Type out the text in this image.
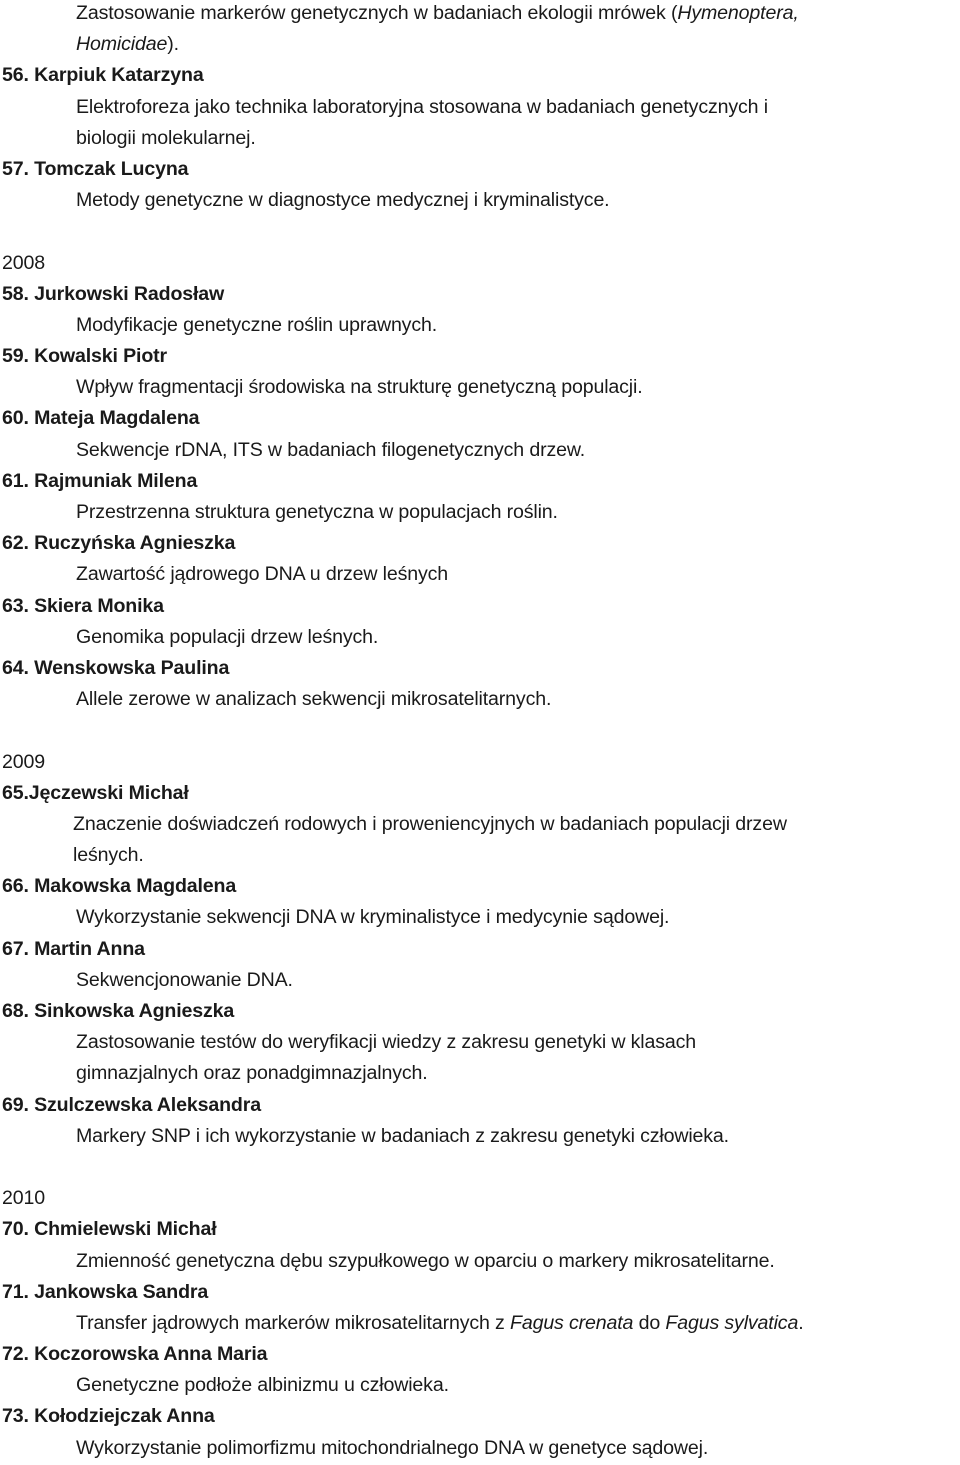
Zastosowanie markerów genetycznych w badaniach ekologii mrówek (Hymenoptera,
Homicidae).
56. Karpiuk Katarzyna
Elektroforeza jako technika laboratoryjna stosowana w badaniach genetycznych i
biologii molekularnej.
57. Tomczak Lucyna
Metody genetyczne w diagnostyce medycznej i kryminalistyce.
2008
58. Jurkowski Radosław
Modyfikacje genetyczne roślin uprawnych.
59. Kowalski Piotr
Wpływ fragmentacji środowiska na strukturę genetyczną populacji.
60. Mateja Magdalena
Sekwencje rDNA, ITS w badaniach filogenetycznych drzew.
61. Rajmuniak Milena
Przestrzenna struktura genetyczna w populacjach roślin.
62. Ruczyńska Agnieszka
Zawartość jądrowego DNA u drzew leśnych
63. Skiera Monika
Genomika populacji drzew leśnych.
64. Wenskowska Paulina
Allele zerowe w analizach sekwencji mikrosatelitarnych.
2009
65.Jęczewski Michał
Znaczenie doświadczeń rodowych i proweniencyjnych w badaniach populacji drzew
leśnych.
66. Makowska Magdalena
Wykorzystanie sekwencji DNA w kryminalistyce i medycynie sądowej.
67. Martin Anna
Sekwencjonowanie DNA.
68. Sinkowska Agnieszka
Zastosowanie testów do weryfikacji wiedzy z zakresu genetyki w klasach
gimnazjalnych oraz ponadgimnazjalnych.
69. Szulczewska Aleksandra
Markery SNP i ich wykorzystanie w badaniach z zakresu genetyki człowieka.
2010
70. Chmielewski Michał
Zmienność genetyczna dębu szypułkowego w oparciu o markery mikrosatelitarne.
71. Jankowska Sandra
Transfer jądrowych markerów mikrosatelitarnych z Fagus crenata do Fagus sylvatica.
72. Koczorowska Anna Maria
Genetyczne podłoże albinizmu u człowieka.
73. Kołodziejczak Anna
Wykorzystanie polimorfizmu mitochondrialnego DNA w genetyce sądowej.
